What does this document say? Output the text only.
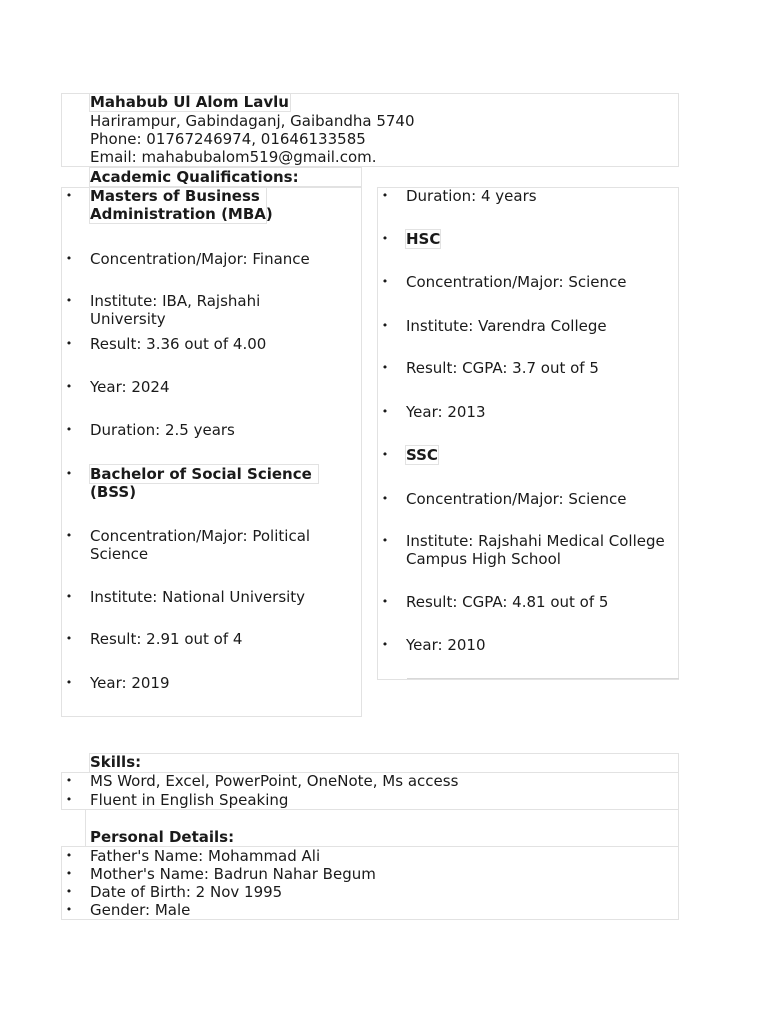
Mahabub Ul Alom Lavlu
Harirampur, Gabindaganj, Gaibandha 5740
Phone: 01767246974, 01646133585
Email: mahabubalom519@gmail.com.
Academic Qualifications:
Skills:
Personal Details:
• Masters of Business Administration (MBA)
• Concentration/Major: Finance
• Institute: IBA, Rajshahi University
• Result: 3.36 out of 4.00
• Year: 2024
• Duration: 2.5 years
• Bachelor of Social Science (BSS)
• Concentration/Major: Political Science
• Institute: National University
• Result: 2.91 out of 4
• Year: 2019
• Duration: 4 years
• HSC
• Concentration/Major: Science
• Institute: Varendra College
• Result: CGPA: 3.7 out of 5
• Year: 2013
• SSC
• Concentration/Major: Science
• Institute: Rajshahi Medical College Campus High School
• Result: CGPA: 4.81 out of 5
• Year: 2010
• MS Word, Excel, PowerPoint, OneNote, Ms access
• Fluent in English Speaking
• Father's Name: Mohammad Ali
• Mother's Name: Badrun Nahar Begum
• Date of Birth: 2 Nov 1995
• Gender: Male
